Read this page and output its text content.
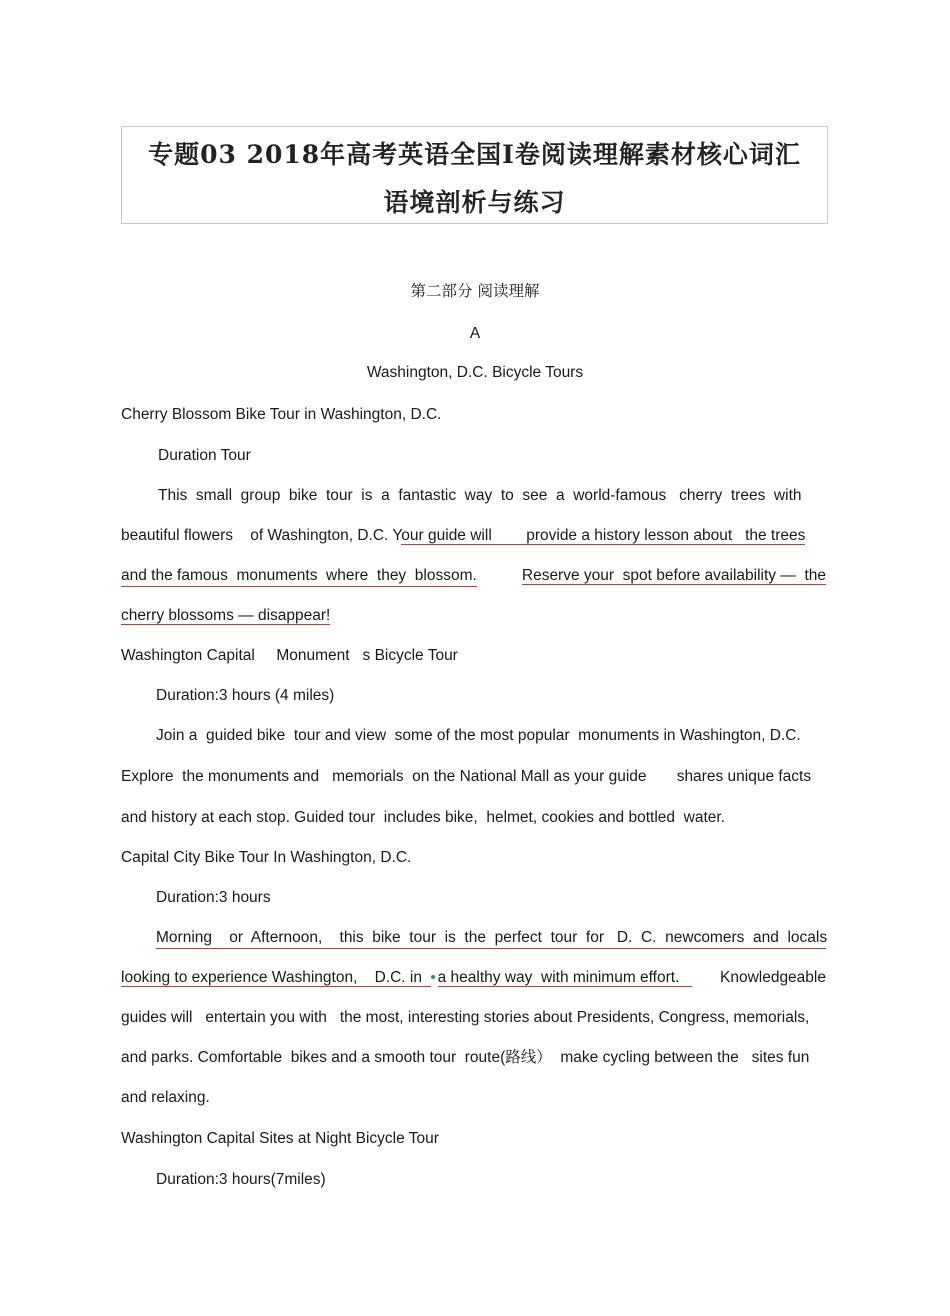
专题03 2018年高考英语全国I卷阅读理解素材核心词汇
语境剖析与练习
第二部分 阅读理解
A
Washington, D.C. Bicycle Tours
Cherry Blossom Bike Tour in Washington, D.C.
Duration Tour
This  small  group  bike  tour  is  a  fantastic  way  to  see  a  world-famous   cherry  trees  with
beautiful flowers    of Washington, D.C. Your guide will provide a history lesson about the trees
and the famous  monuments  where  they  blossom.	Reserve your  spot before availability —  the
cherry blossoms — disappear!
Washington Capital     Monument   s Bicycle Tour
Duration:3 hours (4 miles)
Join a  guided bike  tour and view  some of the most popular  monuments in Washington, D.C.
Explore  the monuments and   memorials  on the National Mall as your guide       shares unique facts
and history at each stop. Guided tour  includes bike,  helmet, cookies and bottled  water.
Capital City Bike Tour In Washington, D.C.
Duration:3 hours
Morning    or  Afternoon,    this  bike  tour  is  the  perfect  tour  for   D.  C.  newcomers  and  locals
looking to experience Washington,    D.C. in a healthy way  with minimum effort.	Knowledgeable
guides will   entertain you with   the most, interesting stories about Presidents, Congress, memorials,
and parks. Comfortable  bikes and a smooth tour  route(路线）  make cycling between the   sites fun
and relaxing.
Washington Capital Sites at Night Bicycle Tour
Duration:3 hours(7miles)
